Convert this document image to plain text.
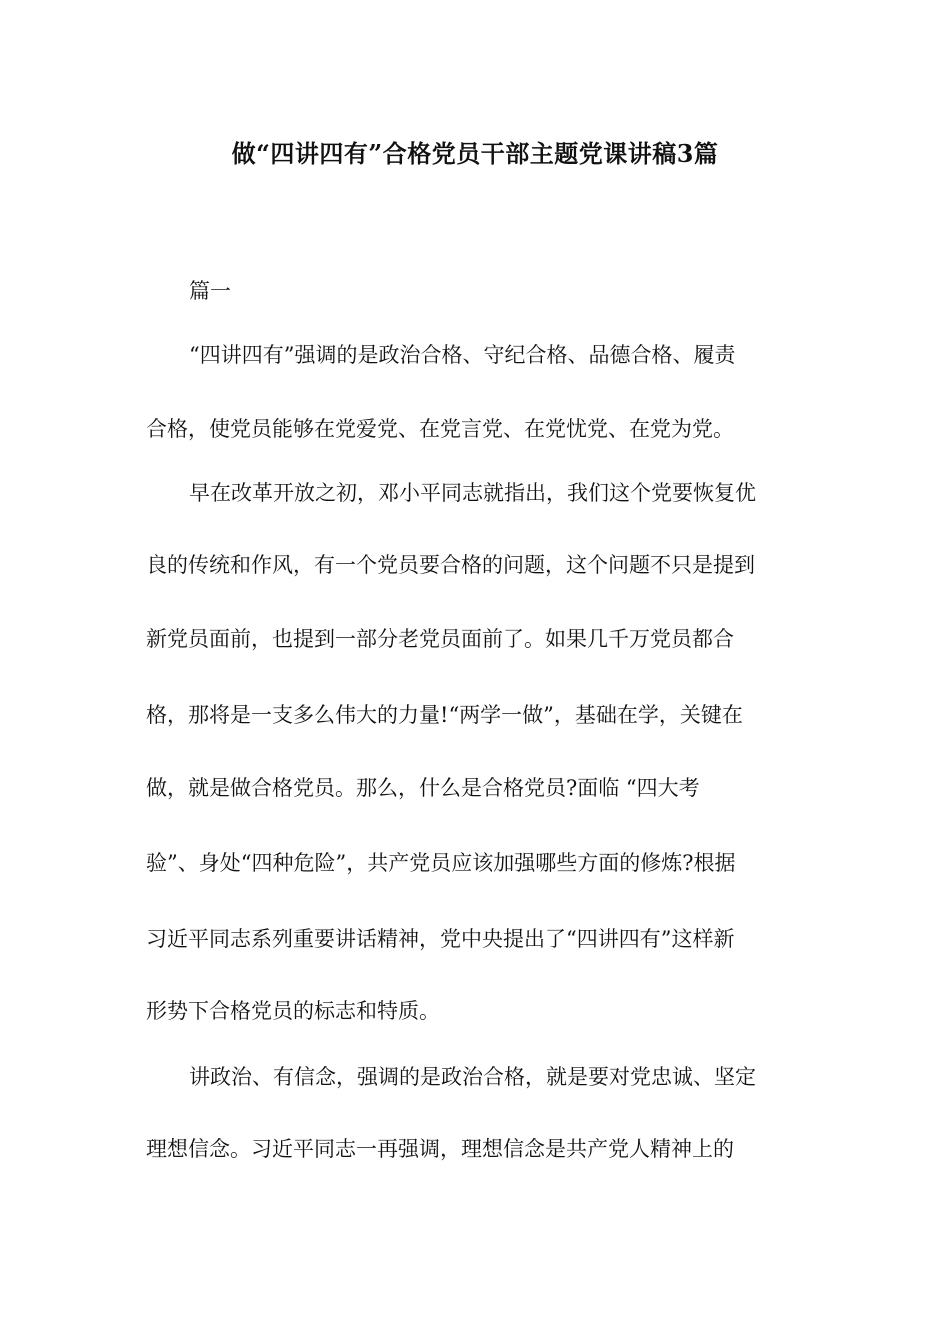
做“四讲四有”合格党员干部主题党课讲稿3篇

篇一

“四讲四有”强调的是政治合格、守纪合格、品德合格、履责

合格，使党员能够在党爱党、在党言党、在党忧党、在党为党。

早在改革开放之初，邓小平同志就指出，我们这个党要恢复优

良的传统和作风，有一个党员要合格的问题，这个问题不只是提到

新党员面前，也提到一部分老党员面前了。如果几千万党员都合

格，那将是一支多么伟大的力量!“两学一做”，基础在学，关键在

做，就是做合格党员。那么，什么是合格党员?面临 “四大考

验”、身处“四种危险”，共产党员应该加强哪些方面的修炼?根据

习近平同志系列重要讲话精神，党中央提出了“四讲四有”这样新

形势下合格党员的标志和特质。

讲政治、有信念，强调的是政治合格，就是要对党忠诚、坚定

理想信念。习近平同志一再强调，理想信念是共产党人精神上的
